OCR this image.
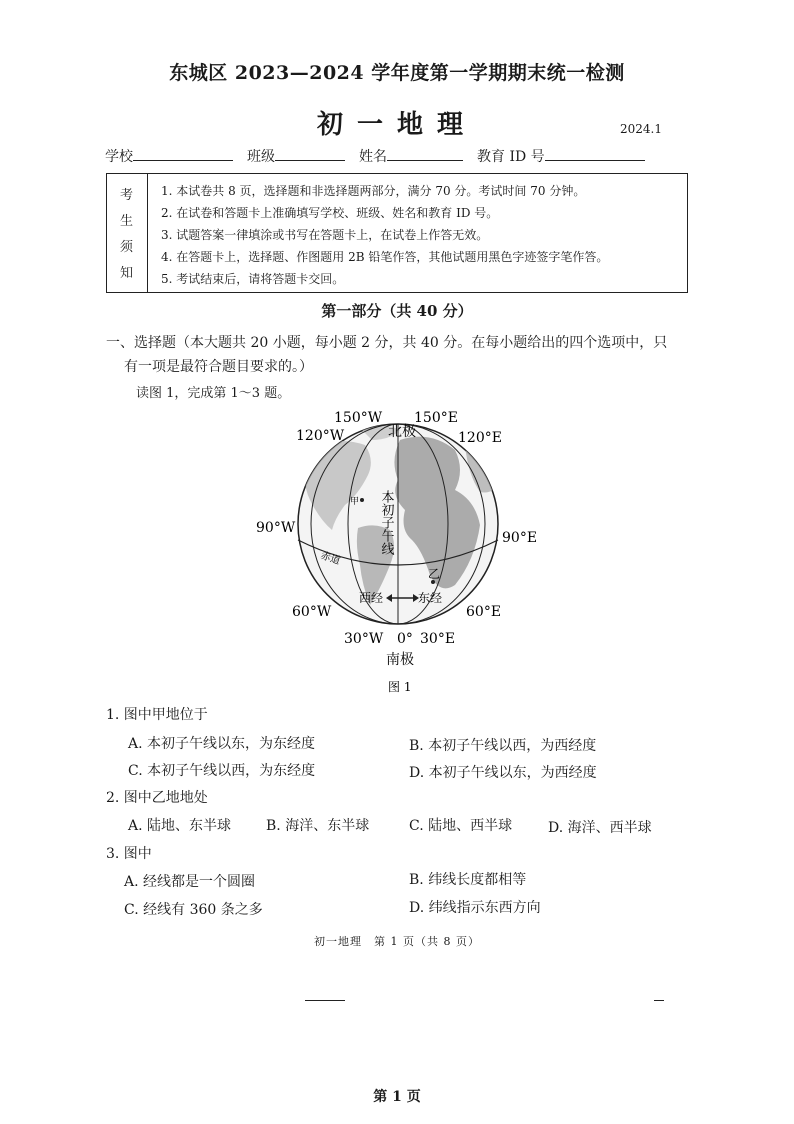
东城区 2023—2024 学年度第一学期期末统一检测
初一地理	2024.1
学校	班级	姓名	教育 ID 号
考
生
须
知
1. 本试卷共 8 页，选择题和非选择题两部分，满分 70 分。考试时间 70 分钟。
2. 在试卷和答题卡上准确填写学校、班级、姓名和教育 ID 号。
3. 试题答案一律填涂或书写在答题卡上，在试卷上作答无效。
4. 在答题卡上，选择题、作图题用 2B 铅笔作答，其他试题用黑色字迹签字笔作答。
5. 考试结束后，请将答题卡交回。
第一部分（共 40 分）
一、选择题（本大题共 20 小题，每小题 2 分，共 40 分。在每小题给出的四个选项中，只
有一项是最符合题目要求的。）
读图 1，完成第 1～3 题。
150°W 150°E
120°W	120°E
北极
90°W
90°E
60°W	60°E
30°W 0° 30°E
南极
图 1
本初子午线
赤道
甲
乙
西经	东经
1. 图中甲地位于
A. 本初子午线以东，为东经度	B. 本初子午线以西，为西经度
C. 本初子午线以西，为东经度	D. 本初子午线以东，为西经度
2. 图中乙地地处
A. 陆地、东半球 B. 海洋、东半球	C. 陆地、西半球	D. 海洋、西半球
3. 图中
A. 经线都是一个圆圈	B. 纬线长度都相等
C. 经线有 360 条之多	D. 纬线指示东西方向
初一地理　第 1 页（共 8 页）
第 1 页
